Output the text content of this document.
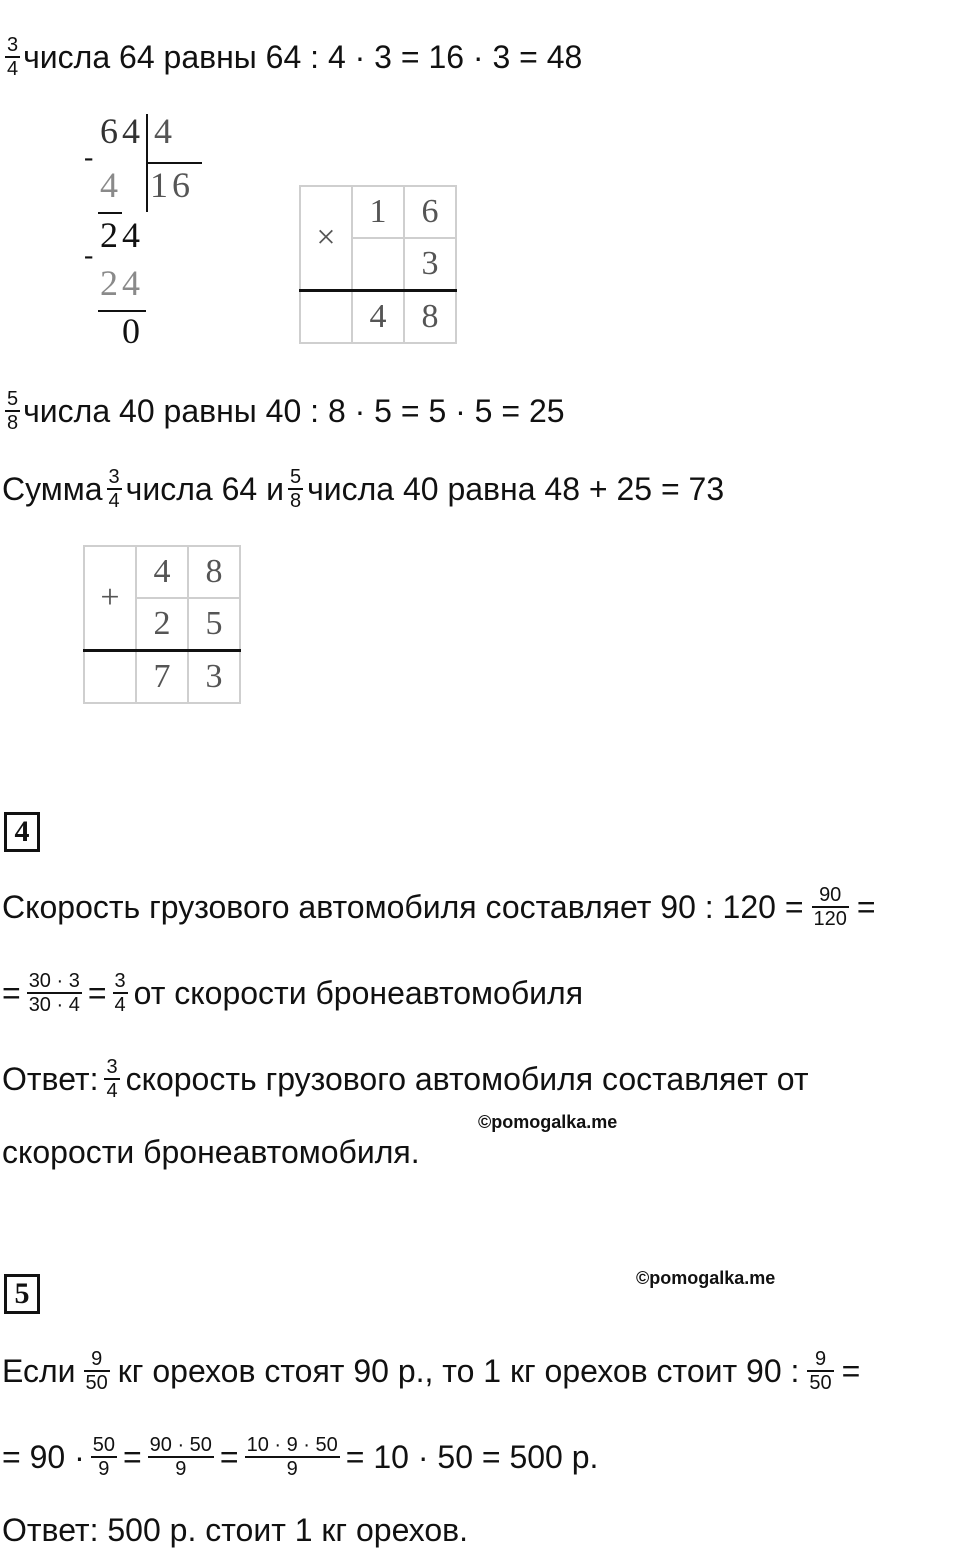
$\frac{3}{4}$ числа 64 равны 64 : 4 · 3 = 16 · 3 = 48
64 4
-
4 16
24
-
24
0
×	1	6
		3
	4	8
$\frac{5}{8}$ числа 40 равны 40 : 8 · 5 = 5 · 5 = 25
Сумма $\frac{3}{4}$ числа 64 и $\frac{5}{8}$ числа 40 равна 48 + 25 = 73
+	4	8
	2	5
	7	3
4
Скорость грузового автомобиля составляет 90 : $120 = \frac{90}{120}$ =
= $\frac{30 \cdot 3}{30 \cdot 4} = \frac{3}{4}$ от скорости бронеавтомобиля
Ответ: $\frac{3}{4}$ скорость грузового автомобиля составляет от
©pomogalka.me
скорости бронеавтомобиля.
5	©pomogalka.me
Если $\frac{9}{50}$ кг орехов стоят 90 р., то 1 кг орехов стоит 90 : $\frac{9}{50}$ =
= $90 \cdot \frac{50}{9} = \frac{90 \cdot 50}{9} = \frac{10 \cdot 9 \cdot 50}{9} = 10 \cdot 50 = 500$ р.
Ответ: 500 р. стоит 1 кг орехов.
